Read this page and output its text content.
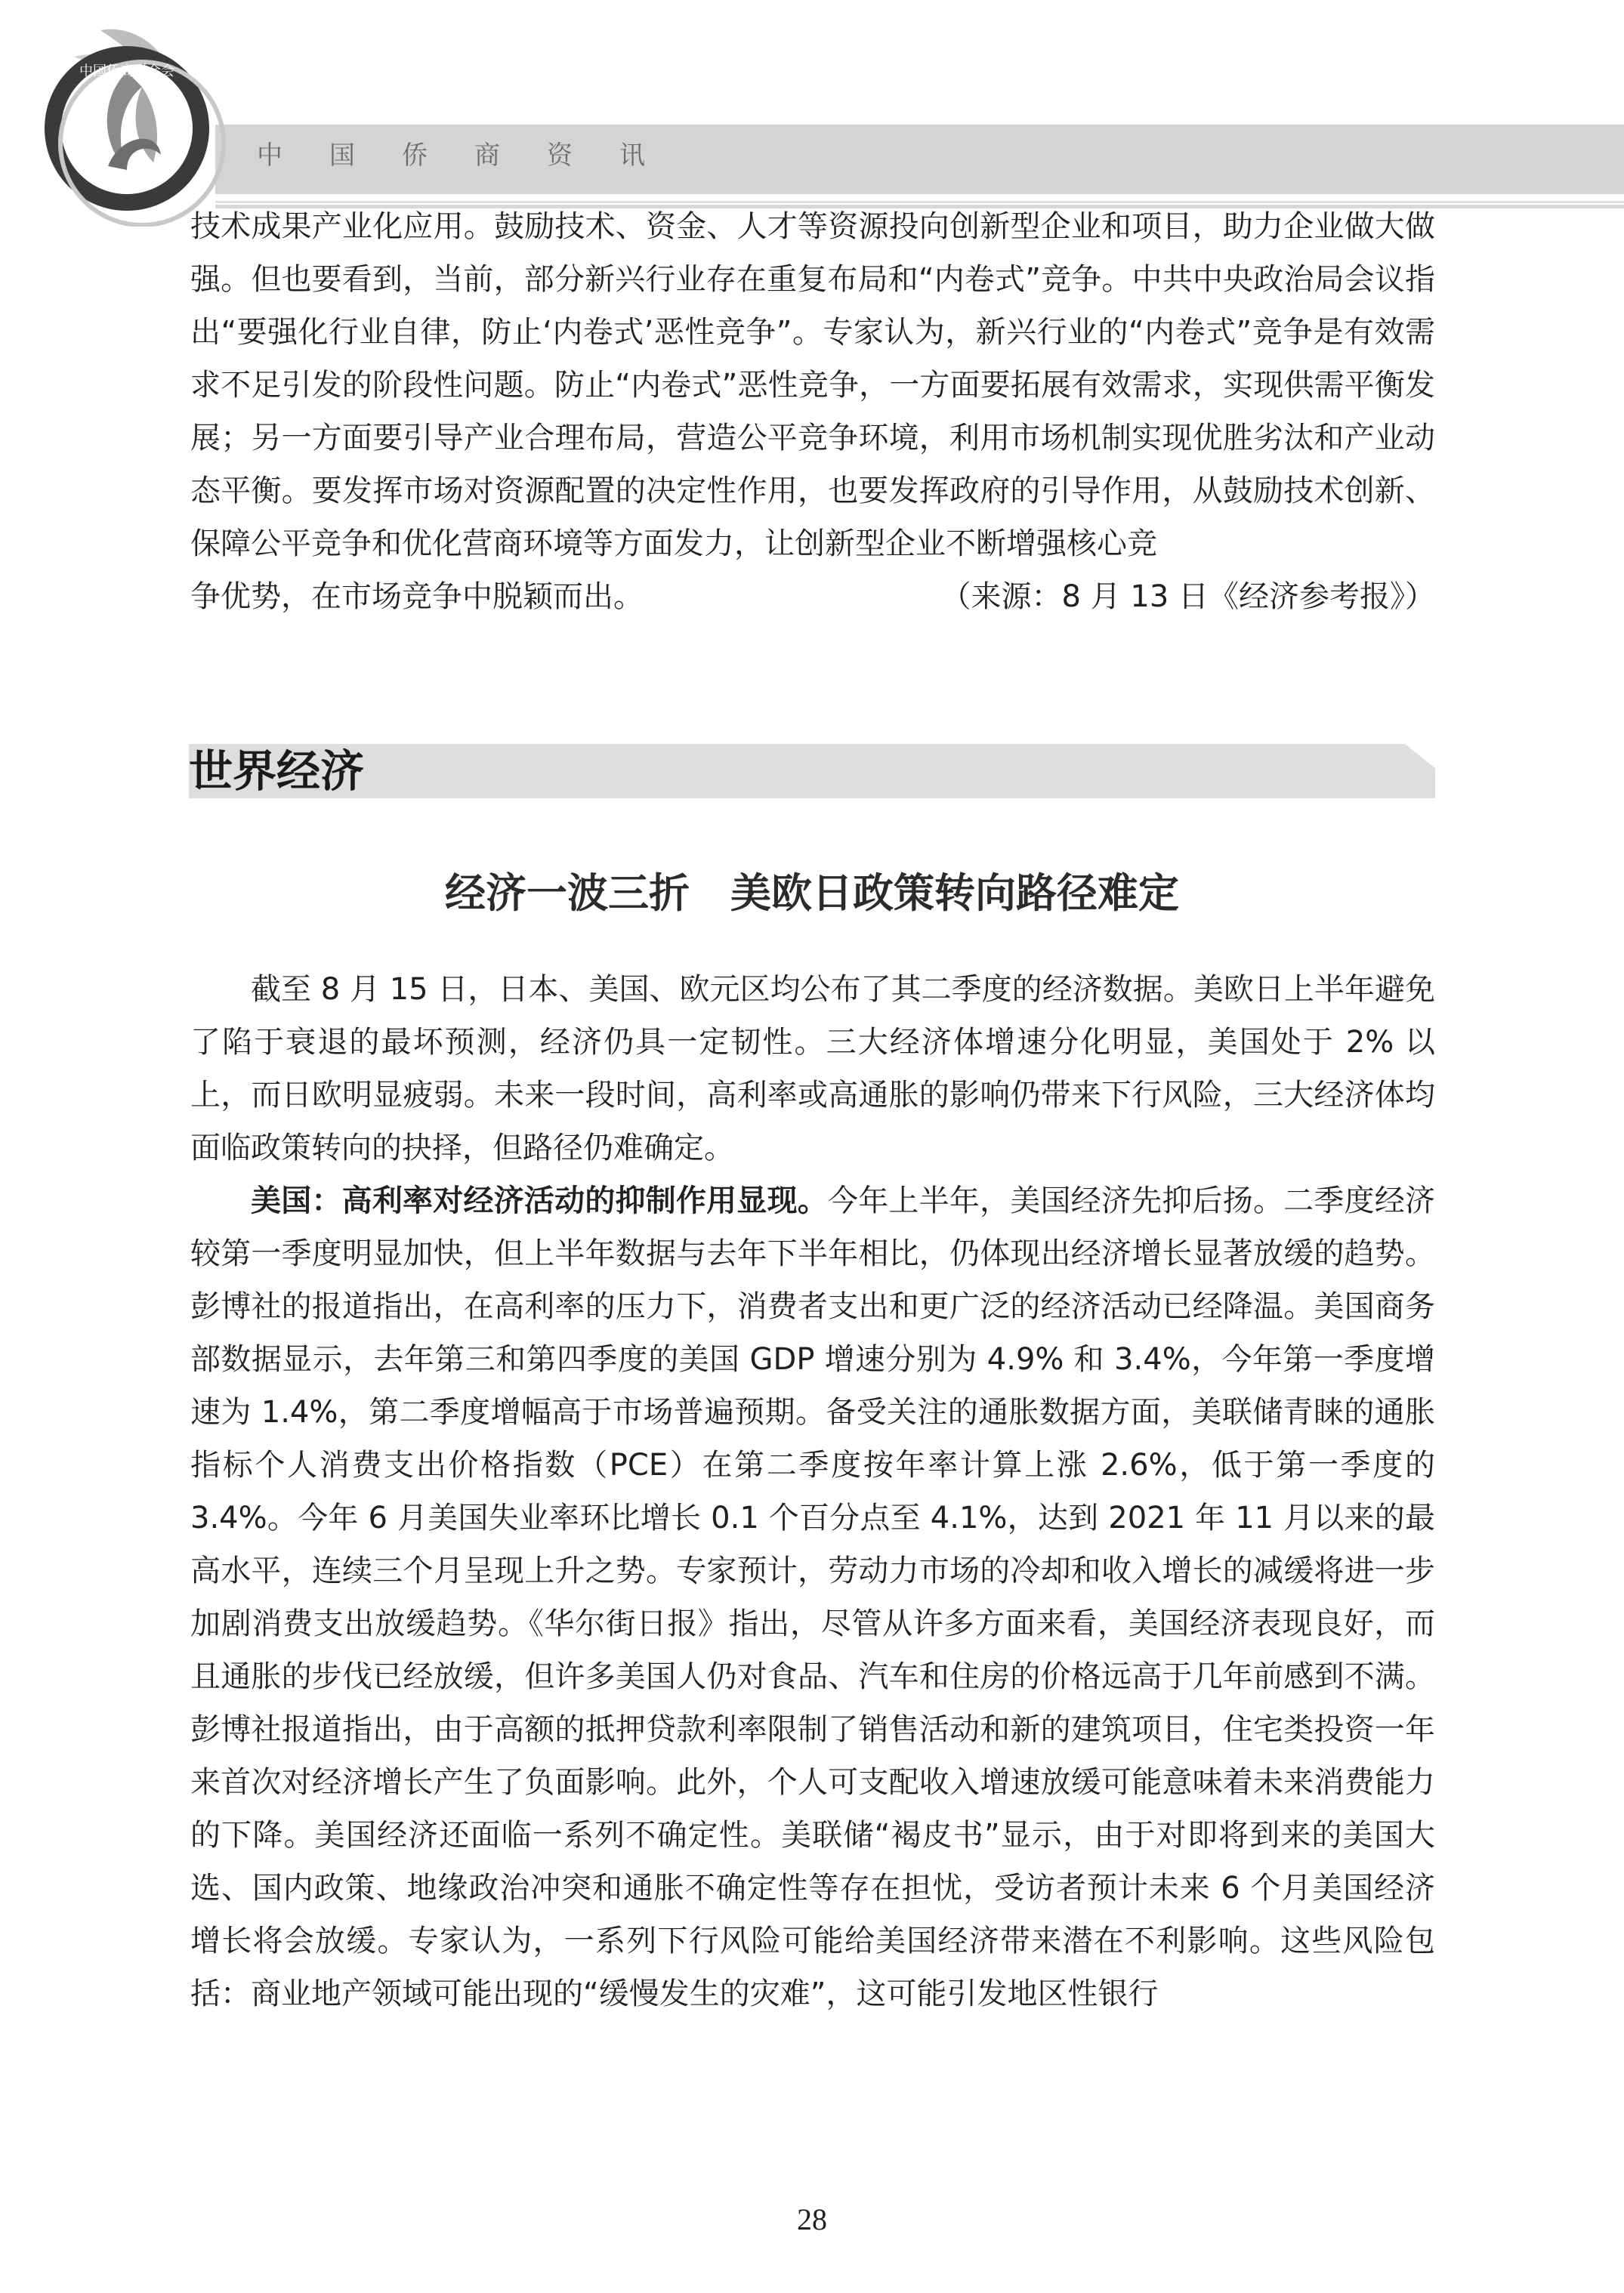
中国侨商资讯
中国侨商联合会

技术成果产业化应用。鼓励技术、资金、人才等资源投向创新型企业和项目，助力企业做大做强。但也要看到，当前，部分新兴行业存在重复布局和“内卷式”竞争。中共中央政治局会议指出“要强化行业自律，防止‘内卷式’恶性竞争”。专家认为，新兴行业的“内卷式”竞争是有效需求不足引发的阶段性问题。防止“内卷式”恶性竞争，一方面要拓展有效需求，实现供需平衡发展；另一方面要引导产业合理布局，营造公平竞争环境，利用市场机制实现优胜劣汰和产业动态平衡。要发挥市场对资源配置的决定性作用，也要发挥政府的引导作用，从鼓励技术创新、保障公平竞争和优化营商环境等方面发力，让创新型企业不断增强核心竞

争优势，在市场竞争中脱颖而出。	（来源：8 月 13 日《经济参考报》）
世界经济
经济一波三折 美欧日政策转向路径难定

截至 8 月 15 日，日本、美国、欧元区均公布了其二季度的经济数据。美欧日上半年避免了陷于衰退的最坏预测，经济仍具一定韧性。三大经济体增速分化明显，美国处于 2% 以上，而日欧明显疲弱。未来一段时间，高利率或高通胀的影响仍带来下行风险，三大经济体均面临政策转向的抉择，但路径仍难确定。

美国：高利率对经济活动的抑制作用显现。今年上半年，美国经济先抑后扬。二季度经济较第一季度明显加快，但上半年数据与去年下半年相比，仍体现出经济增长显著放缓的趋势。彭博社的报道指出，在高利率的压力下，消费者支出和更广泛的经济活动已经降温。美国商务部数据显示，去年第三和第四季度的美国 GDP 增速分别为 4.9% 和 3.4%，今年第一季度增速为 1.4%，第二季度增幅高于市场普遍预期。备受关注的通胀数据方面，美联储青睐的通胀指标个人消费支出价格指数（PCE）在第二季度按年率计算上涨 2.6%，低于第一季度的 3.4%。今年 6 月美国失业率环比增长 0.1 个百分点至 4.1%，达到 2021 年 11 月以来的最高水平，连续三个月呈现上升之势。专家预计，劳动力市场的冷却和收入增长的减缓将进一步加剧消费支出放缓趋势。《华尔街日报》指出，尽管从许多方面来看，美国经济表现良好，而且通胀的步伐已经放缓，但许多美国人仍对食品、汽车和住房的价格远高于几年前感到不满。彭博社报道指出，由于高额的抵押贷款利率限制了销售活动和新的建筑项目，住宅类投资一年来首次对经济增长产生了负面影响。此外，个人可支配收入增速放缓可能意味着未来消费能力的下降。美国经济还面临一系列不确定性。美联储“褐皮书”显示，由于对即将到来的美国大选、国内政策、地缘政治冲突和通胀不确定性等存在担忧，受访者预计未来 6 个月美国经济增长将会放缓。专家认为，一系列下行风险可能给美国经济带来潜在不利影响。这些风险包括：商业地产领域可能出现的“缓慢发生的灾难”，这可能引发地区性银行

28
